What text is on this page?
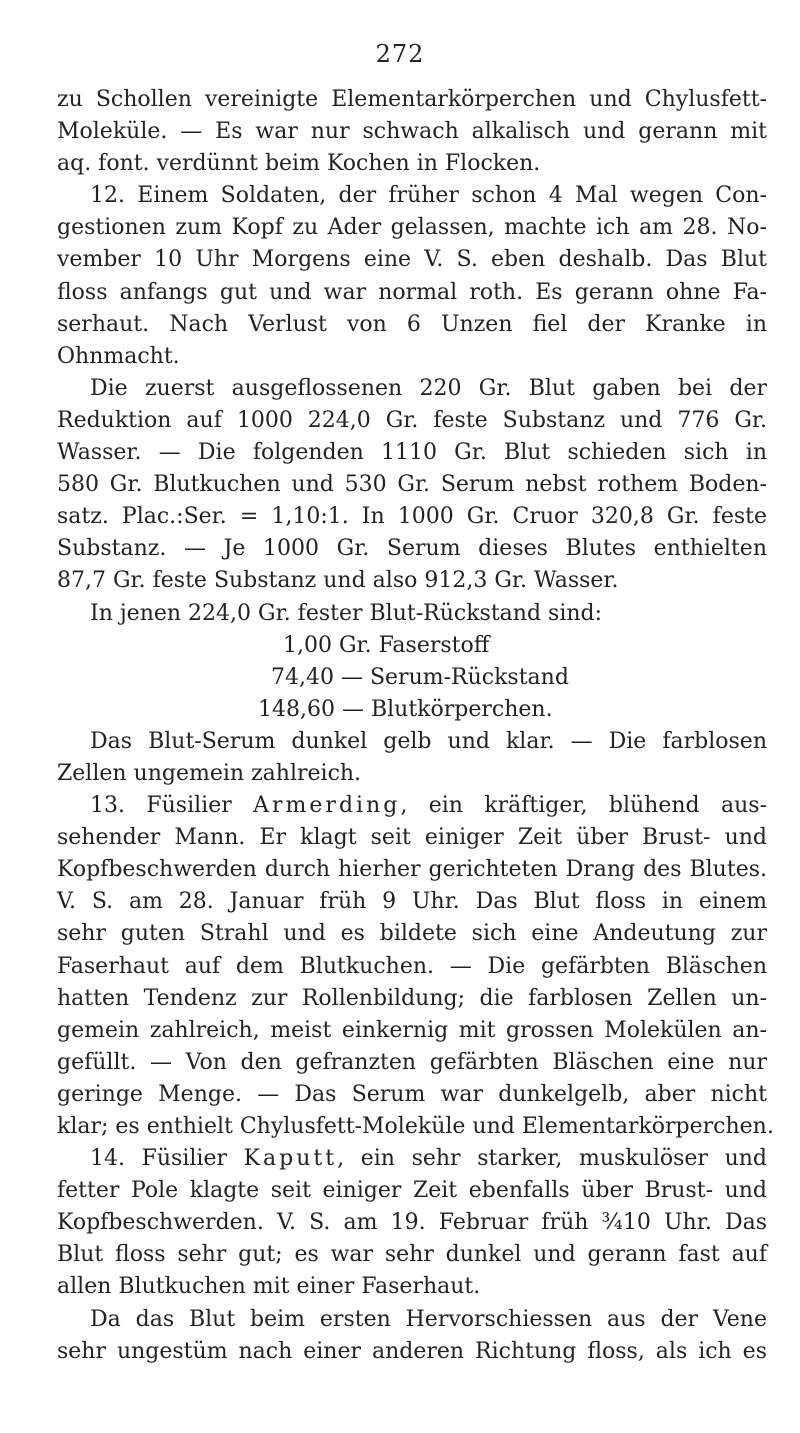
272
zu Schollen vereinigte Elementarkörperchen und Chylusfett-
Moleküle. — Es war nur schwach alkalisch und gerann mit
aq. font. verdünnt beim Kochen in Flocken.
12. Einem Soldaten, der früher schon 4 Mal wegen Con-
gestionen zum Kopf zu Ader gelassen, machte ich am 28. No-
vember 10 Uhr Morgens eine V. S. eben deshalb. Das Blut
floss anfangs gut und war normal roth. Es gerann ohne Fa-
serhaut. Nach Verlust von 6 Unzen fiel der Kranke in
Ohnmacht.
Die zuerst ausgeflossenen 220 Gr. Blut gaben bei der
Reduktion auf 1000 224,0 Gr. feste Substanz und 776 Gr.
Wasser. — Die folgenden 1110 Gr. Blut schieden sich in
580 Gr. Blutkuchen und 530 Gr. Serum nebst rothem Boden-
satz. Plac.:Ser. = 1,10:1. In 1000 Gr. Cruor 320,8 Gr. feste
Substanz. — Je 1000 Gr. Serum dieses Blutes enthielten
87,7 Gr. feste Substanz und also 912,3 Gr. Wasser.
In jenen 224,0 Gr. fester Blut-Rückstand sind:
1,00 Gr. Faserstoff
74,40 — Serum-Rückstand
148,60 — Blutkörperchen.
Das Blut-Serum dunkel gelb und klar. — Die farblosen
Zellen ungemein zahlreich.
13. Füsilier Armerding, ein kräftiger, blühend aus-
sehender Mann. Er klagt seit einiger Zeit über Brust- und
Kopfbeschwerden durch hierher gerichteten Drang des Blutes.
V. S. am 28. Januar früh 9 Uhr. Das Blut floss in einem
sehr guten Strahl und es bildete sich eine Andeutung zur
Faserhaut auf dem Blutkuchen. — Die gefärbten Bläschen
hatten Tendenz zur Rollenbildung; die farblosen Zellen un-
gemein zahlreich, meist einkernig mit grossen Molekülen an-
gefüllt. — Von den gefranzten gefärbten Bläschen eine nur
geringe Menge. — Das Serum war dunkelgelb, aber nicht
klar; es enthielt Chylusfett-Moleküle und Elementarkörperchen.
14. Füsilier Kaputt, ein sehr starker, muskulöser und
fetter Pole klagte seit einiger Zeit ebenfalls über Brust- und
Kopfbeschwerden. V. S. am 19. Februar früh ¾10 Uhr. Das
Blut floss sehr gut; es war sehr dunkel und gerann fast auf
allen Blutkuchen mit einer Faserhaut.
Da das Blut beim ersten Hervorschiessen aus der Vene
sehr ungestüm nach einer anderen Richtung floss, als ich es
